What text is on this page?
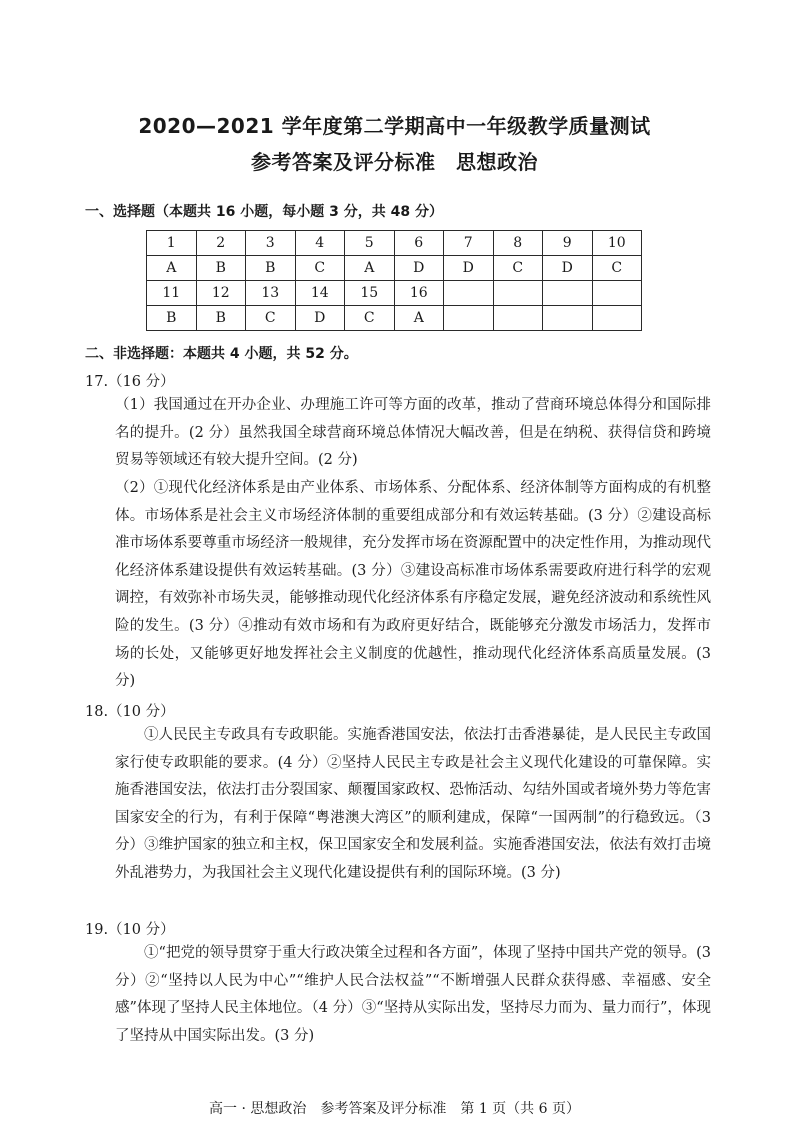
2020—2021 学年度第二学期高中一年级教学质量测试
参考答案及评分标准　思想政治
一、选择题（本题共 16 小题，每小题 3 分，共 48 分）
1	2	3	4	5	6	7	8	9	10
A	B	B	C	A	D	D	C	D	C
11	12	13	14	15	16				
B	B	C	D	C	A				
二、非选择题：本题共 4 小题，共 52 分。
17.（16 分）
（1）我国通过在开办企业、办理施工许可等方面的改革，推动了营商环境总体得分和国际排名的提升。(2 分）虽然我国全球营商环境总体情况大幅改善，但是在纳税、获得信贷和跨境贸易等领域还有较大提升空间。(2 分)
（2）①现代化经济体系是由产业体系、市场体系、分配体系、经济体制等方面构成的有机整体。市场体系是社会主义市场经济体制的重要组成部分和有效运转基础。(3 分）②建设高标准市场体系要尊重市场经济一般规律，充分发挥市场在资源配置中的决定性作用，为推动现代化经济体系建设提供有效运转基础。(3 分）③建设高标准市场体系需要政府进行科学的宏观调控，有效弥补市场失灵，能够推动现代化经济体系有序稳定发展，避免经济波动和系统性风险的发生。(3 分）④推动有效市场和有为政府更好结合，既能够充分激发市场活力，发挥市场的长处，又能够更好地发挥社会主义制度的优越性，推动现代化经济体系高质量发展。(3 分)
18.（10 分）
①人民民主专政具有专政职能。实施香港国安法，依法打击香港暴徒，是人民民主专政国家行使专政职能的要求。(4 分）②坚持人民民主专政是社会主义现代化建设的可靠保障。实施香港国安法，依法打击分裂国家、颠覆国家政权、恐怖活动、勾结外国或者境外势力等危害国家安全的行为，有利于保障“粤港澳大湾区”的顺利建成，保障“一国两制”的行稳致远。（3 分）③维护国家的独立和主权，保卫国家安全和发展利益。实施香港国安法，依法有效打击境外乱港势力，为我国社会主义现代化建设提供有利的国际环境。(3 分)
19.（10 分）
①“把党的领导贯穿于重大行政决策全过程和各方面”，体现了坚持中国共产党的领导。(3 分）②“坚持以人民为中心”“维护人民合法权益”“不断增强人民群众获得感、幸福感、安全感”体现了坚持人民主体地位。（4 分）③“坚持从实际出发，坚持尽力而为、量力而行”，体现了坚持从中国实际出发。(3 分)
高一 · 思想政治　参考答案及评分标准　第 1 页（共 6 页）
